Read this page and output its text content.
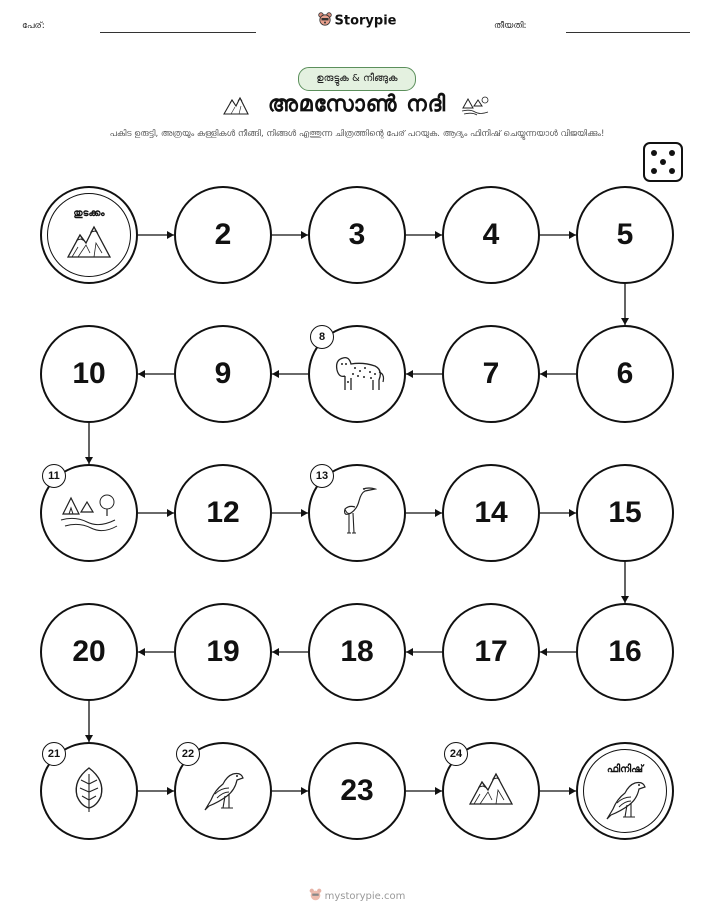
പേര്:	തീയതി:
Storypie
ഉരുട്ടുക & നീങ്ങുക
അമസോൺ നദി
പകിട ഉരുട്ടി, അത്രയും കള്ളികൾ നീങ്ങി, നിങ്ങൾ എത്തുന്ന ചിത്രത്തിന്റെ പേര് പറയുക. ആദ്യം ഫിനിഷ് ചെയ്യുന്നയാൾ വിജയിക്കും!
തുടക്കം
2	3	4	5
6
7
8
9
10
11
12
13
14	15
16
17
18
19
20
21	22
23
24
ഫിനിഷ്
mystorypie.com
